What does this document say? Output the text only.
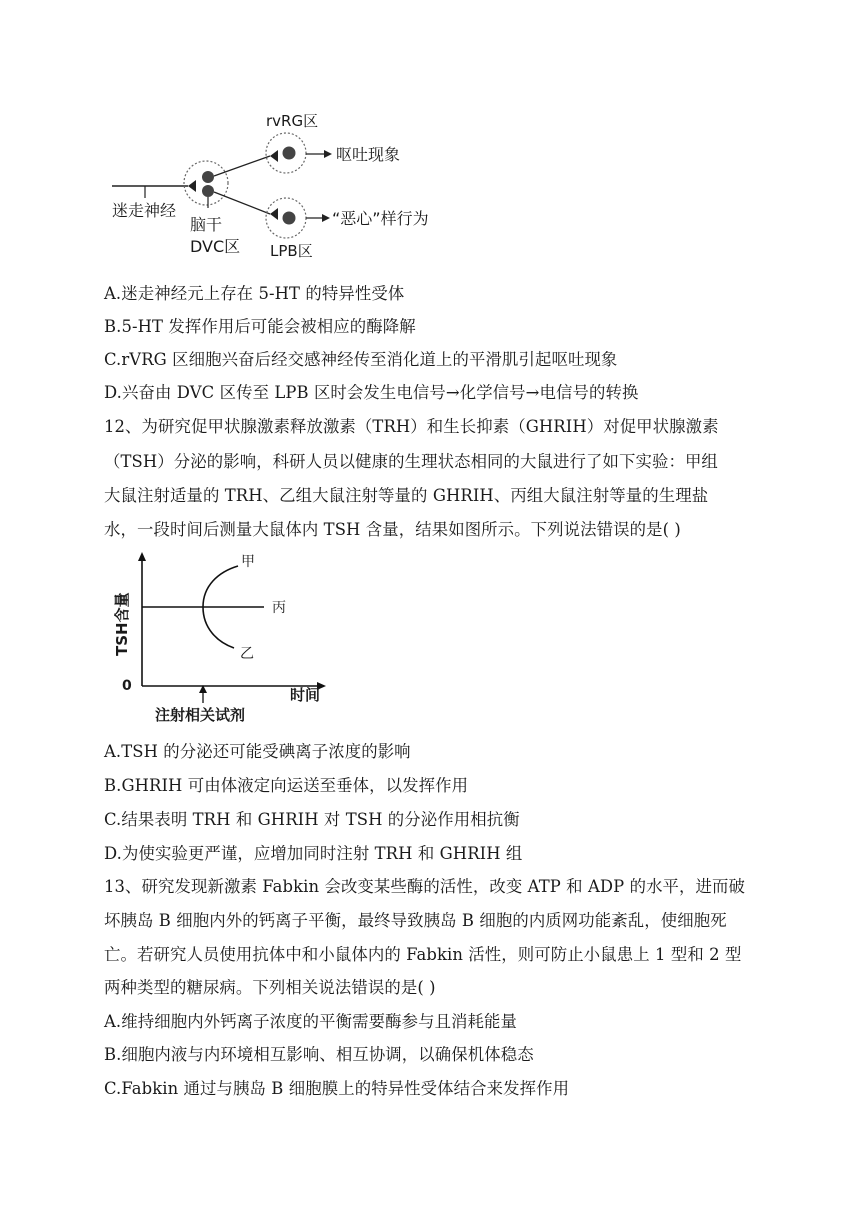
rvRG区
呕吐现象
迷走神经
脑干
DVC区 LPB区
“恶心”样行为
A.迷走神经元上存在 5-HT 的特异性受体
B.5-HT 发挥作用后可能会被相应的酶降解
C.rVRG 区细胞兴奋后经交感神经传至消化道上的平滑肌引起呕吐现象
D.兴奋由 DVC 区传至 LPB 区时会发生电信号→化学信号→电信号的转换
12、为研究促甲状腺激素释放激素（TRH）和生长抑素（GHRIH）对促甲状腺激素
（TSH）分泌的影响，科研人员以健康的生理状态相同的大鼠进行了如下实验：甲组
大鼠注射适量的 TRH、乙组大鼠注射等量的 GHRIH、丙组大鼠注射等量的生理盐
水，一段时间后测量大鼠体内 TSH 含量，结果如图所示。下列说法错误的是( )
甲
丙
乙
0	时间
注射相关试剂
TSH含量
A.TSH 的分泌还可能受碘离子浓度的影响
B.GHRIH 可由体液定向运送至垂体，以发挥作用
C.结果表明 TRH 和 GHRIH 对 TSH 的分泌作用相抗衡
D.为使实验更严谨，应增加同时注射 TRH 和 GHRIH 组
13、研究发现新激素 Fabkin 会改变某些酶的活性，改变 ATP 和 ADP 的水平，进而破
坏胰岛 B 细胞内外的钙离子平衡，最终导致胰岛 B 细胞的内质网功能紊乱，使细胞死
亡。若研究人员使用抗体中和小鼠体内的 Fabkin 活性，则可防止小鼠患上 1 型和 2 型
两种类型的糖尿病。下列相关说法错误的是( )
A.维持细胞内外钙离子浓度的平衡需要酶参与且消耗能量
B.细胞内液与内环境相互影响、相互协调，以确保机体稳态
C.Fabkin 通过与胰岛 B 细胞膜上的特异性受体结合来发挥作用
